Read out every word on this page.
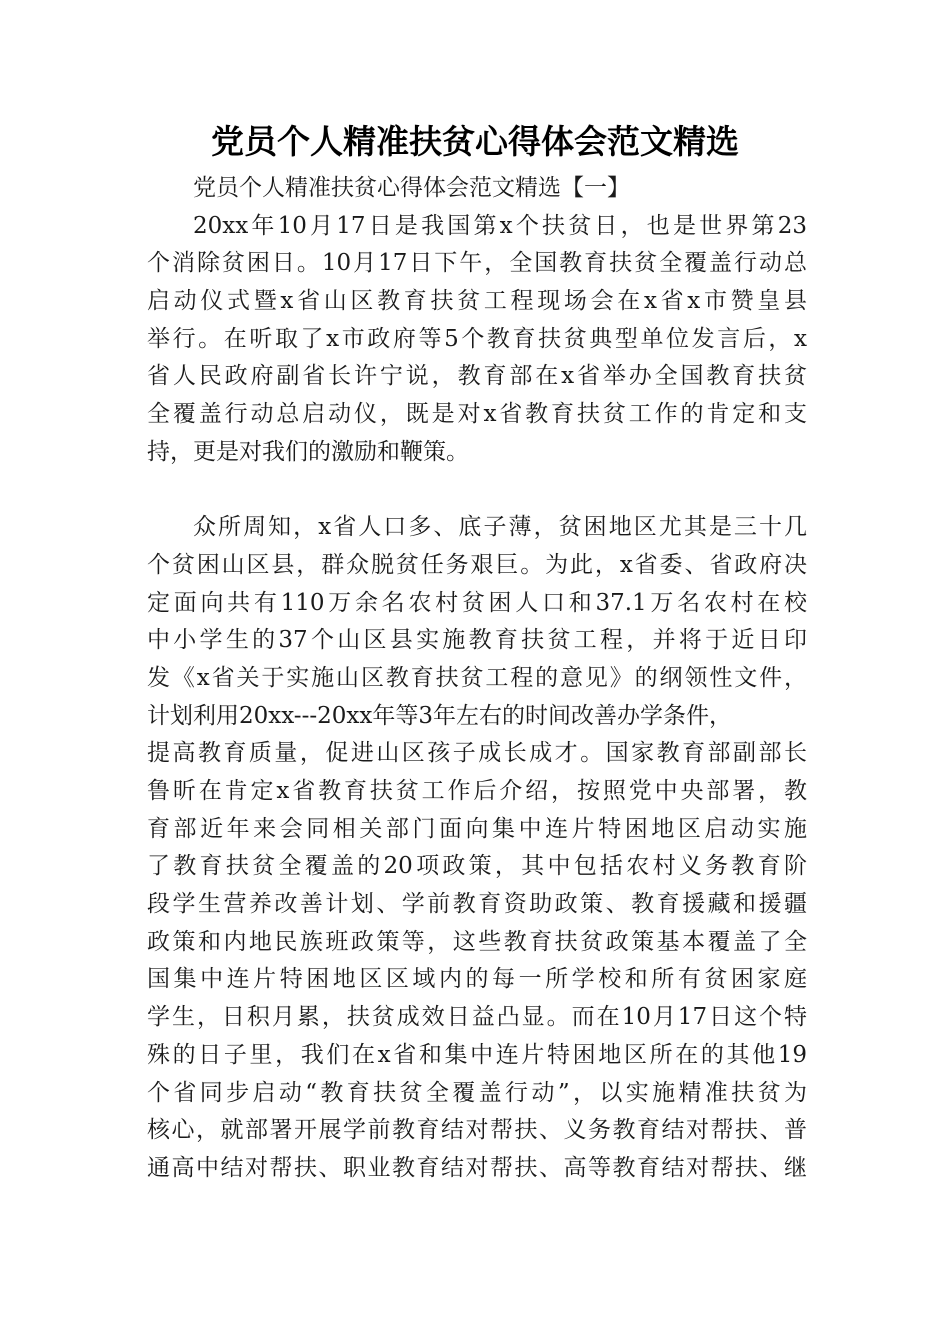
党员个人精准扶贫心得体会范文精选
党员个人精准扶贫心得体会范文精选【一】
20xx年10月17日是我国第x个扶贫日，也是世界第23
个消除贫困日。10月17日下午，全国教育扶贫全覆盖行动总
启动仪式暨x省山区教育扶贫工程现场会在x省x市赞皇县
举行。在听取了x市政府等5个教育扶贫典型单位发言后，x
省人民政府副省长许宁说，教育部在x省举办全国教育扶贫
全覆盖行动总启动仪，既是对x省教育扶贫工作的肯定和支
持，更是对我们的激励和鞭策。
众所周知，x省人口多、底子薄，贫困地区尤其是三十几
个贫困山区县，群众脱贫任务艰巨。为此，x省委、省政府决
定面向共有110万余名农村贫困人口和37.1万名农村在校
中小学生的37个山区县实施教育扶贫工程，并将于近日印
发《x省关于实施山区教育扶贫工程的意见》的纲领性文件，
计划利用20xx---20xx年等3年左右的时间改善办学条件，
提高教育质量，促进山区孩子成长成才。国家教育部副部长
鲁昕在肯定x省教育扶贫工作后介绍，按照党中央部署，教
育部近年来会同相关部门面向集中连片特困地区启动实施
了教育扶贫全覆盖的20项政策，其中包括农村义务教育阶
段学生营养改善计划、学前教育资助政策、教育援藏和援疆
政策和内地民族班政策等，这些教育扶贫政策基本覆盖了全
国集中连片特困地区区域内的每一所学校和所有贫困家庭
学生，日积月累，扶贫成效日益凸显。而在10月17日这个特
殊的日子里，我们在x省和集中连片特困地区所在的其他19
个省同步启动“教育扶贫全覆盖行动”，以实施精准扶贫为
核心，就部署开展学前教育结对帮扶、义务教育结对帮扶、普
通高中结对帮扶、职业教育结对帮扶、高等教育结对帮扶、继
